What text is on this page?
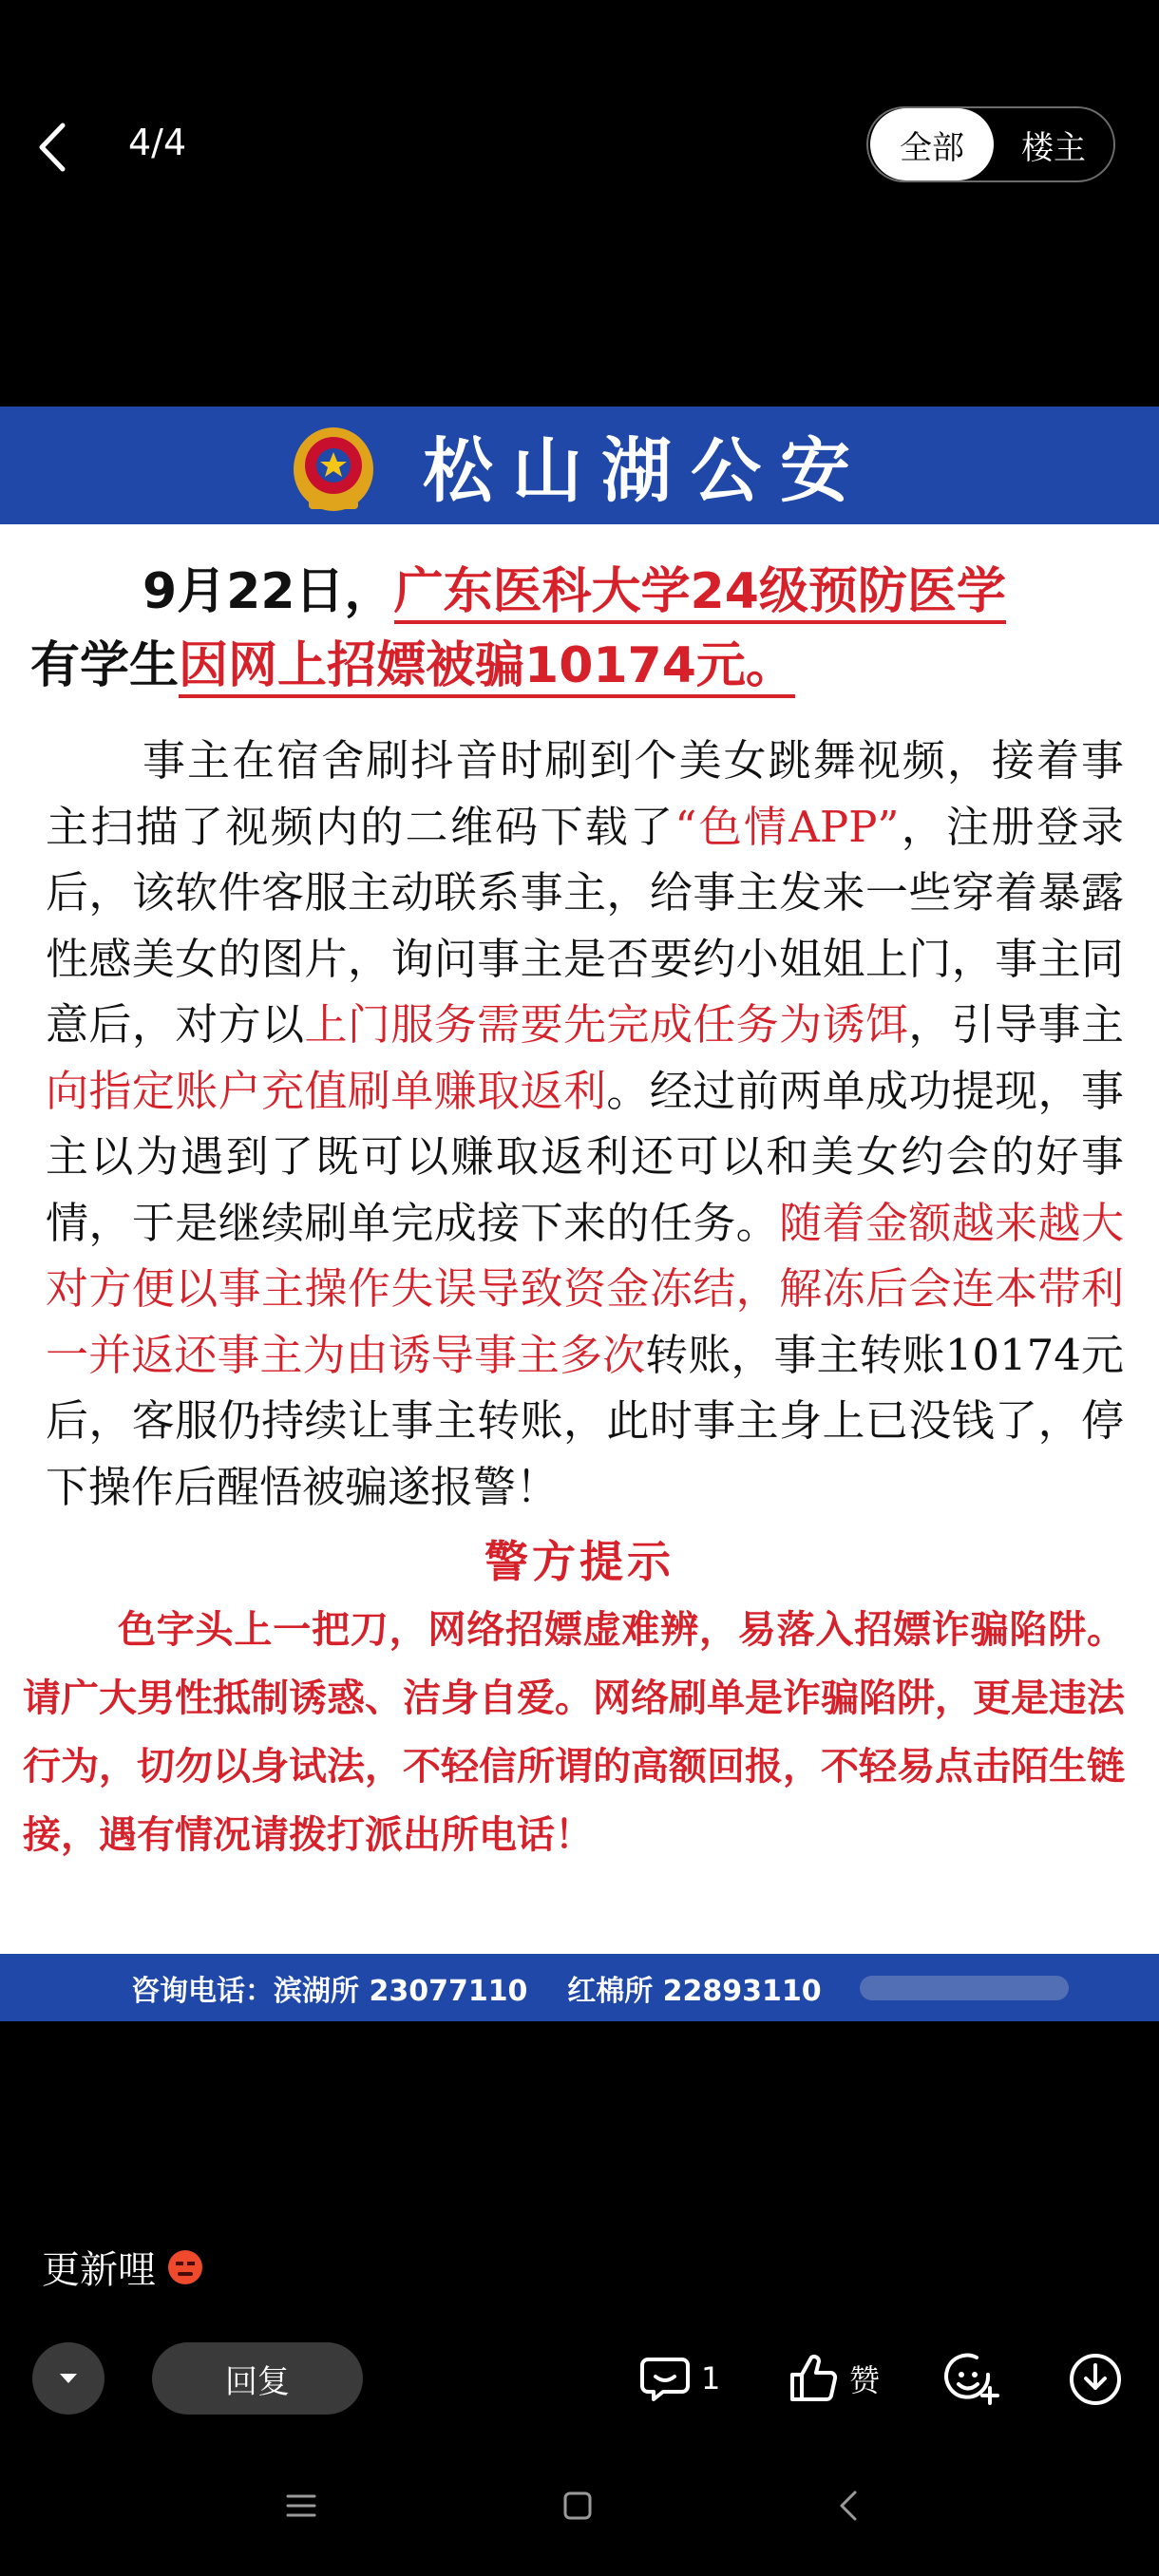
4/4	全部	楼主
松山湖公安
9月22日，广东医科大学24级预防医学
有学生因网上招嫖被骗10174元。

事主在宿舍刷抖音时刷到个美女跳舞视频，接着事主扫描了视频内的二维码下载了“色情APP”，注册登录后，该软件客服主动联系事主，给事主发来一些穿着暴露性感美女的图片，询问事主是否要约小姐姐上门，事主同意后，对方以上门服务需要先完成任务为诱饵，引导事主向指定账户充值刷单赚取返利。经过前两单成功提现，事主以为遇到了既可以赚取返利还可以和美女约会的好事情，于是继续刷单完成接下来的任务。随着金额越来越大对方便以事主操作失误导致资金冻结，解冻后会连本带利一并返还事主为由诱导事主多次转账，事主转账10174元后，客服仍持续让事主转账，此时事主身上已没钱了，停下操作后醒悟被骗遂报警！

警方提示

色字头上一把刀，网络招嫖虚难辨，易落入招嫖诈骗陷阱。请广大男性抵制诱惑、洁身自爱。网络刷单是诈骗陷阱，更是违法行为，切勿以身试法，不轻信所谓的高额回报，不轻易点击陌生链接，遇有情况请拨打派出所电话！

咨询电话：滨湖所 23077110    红棉所 22893110
更新哩
回复	1	赞
